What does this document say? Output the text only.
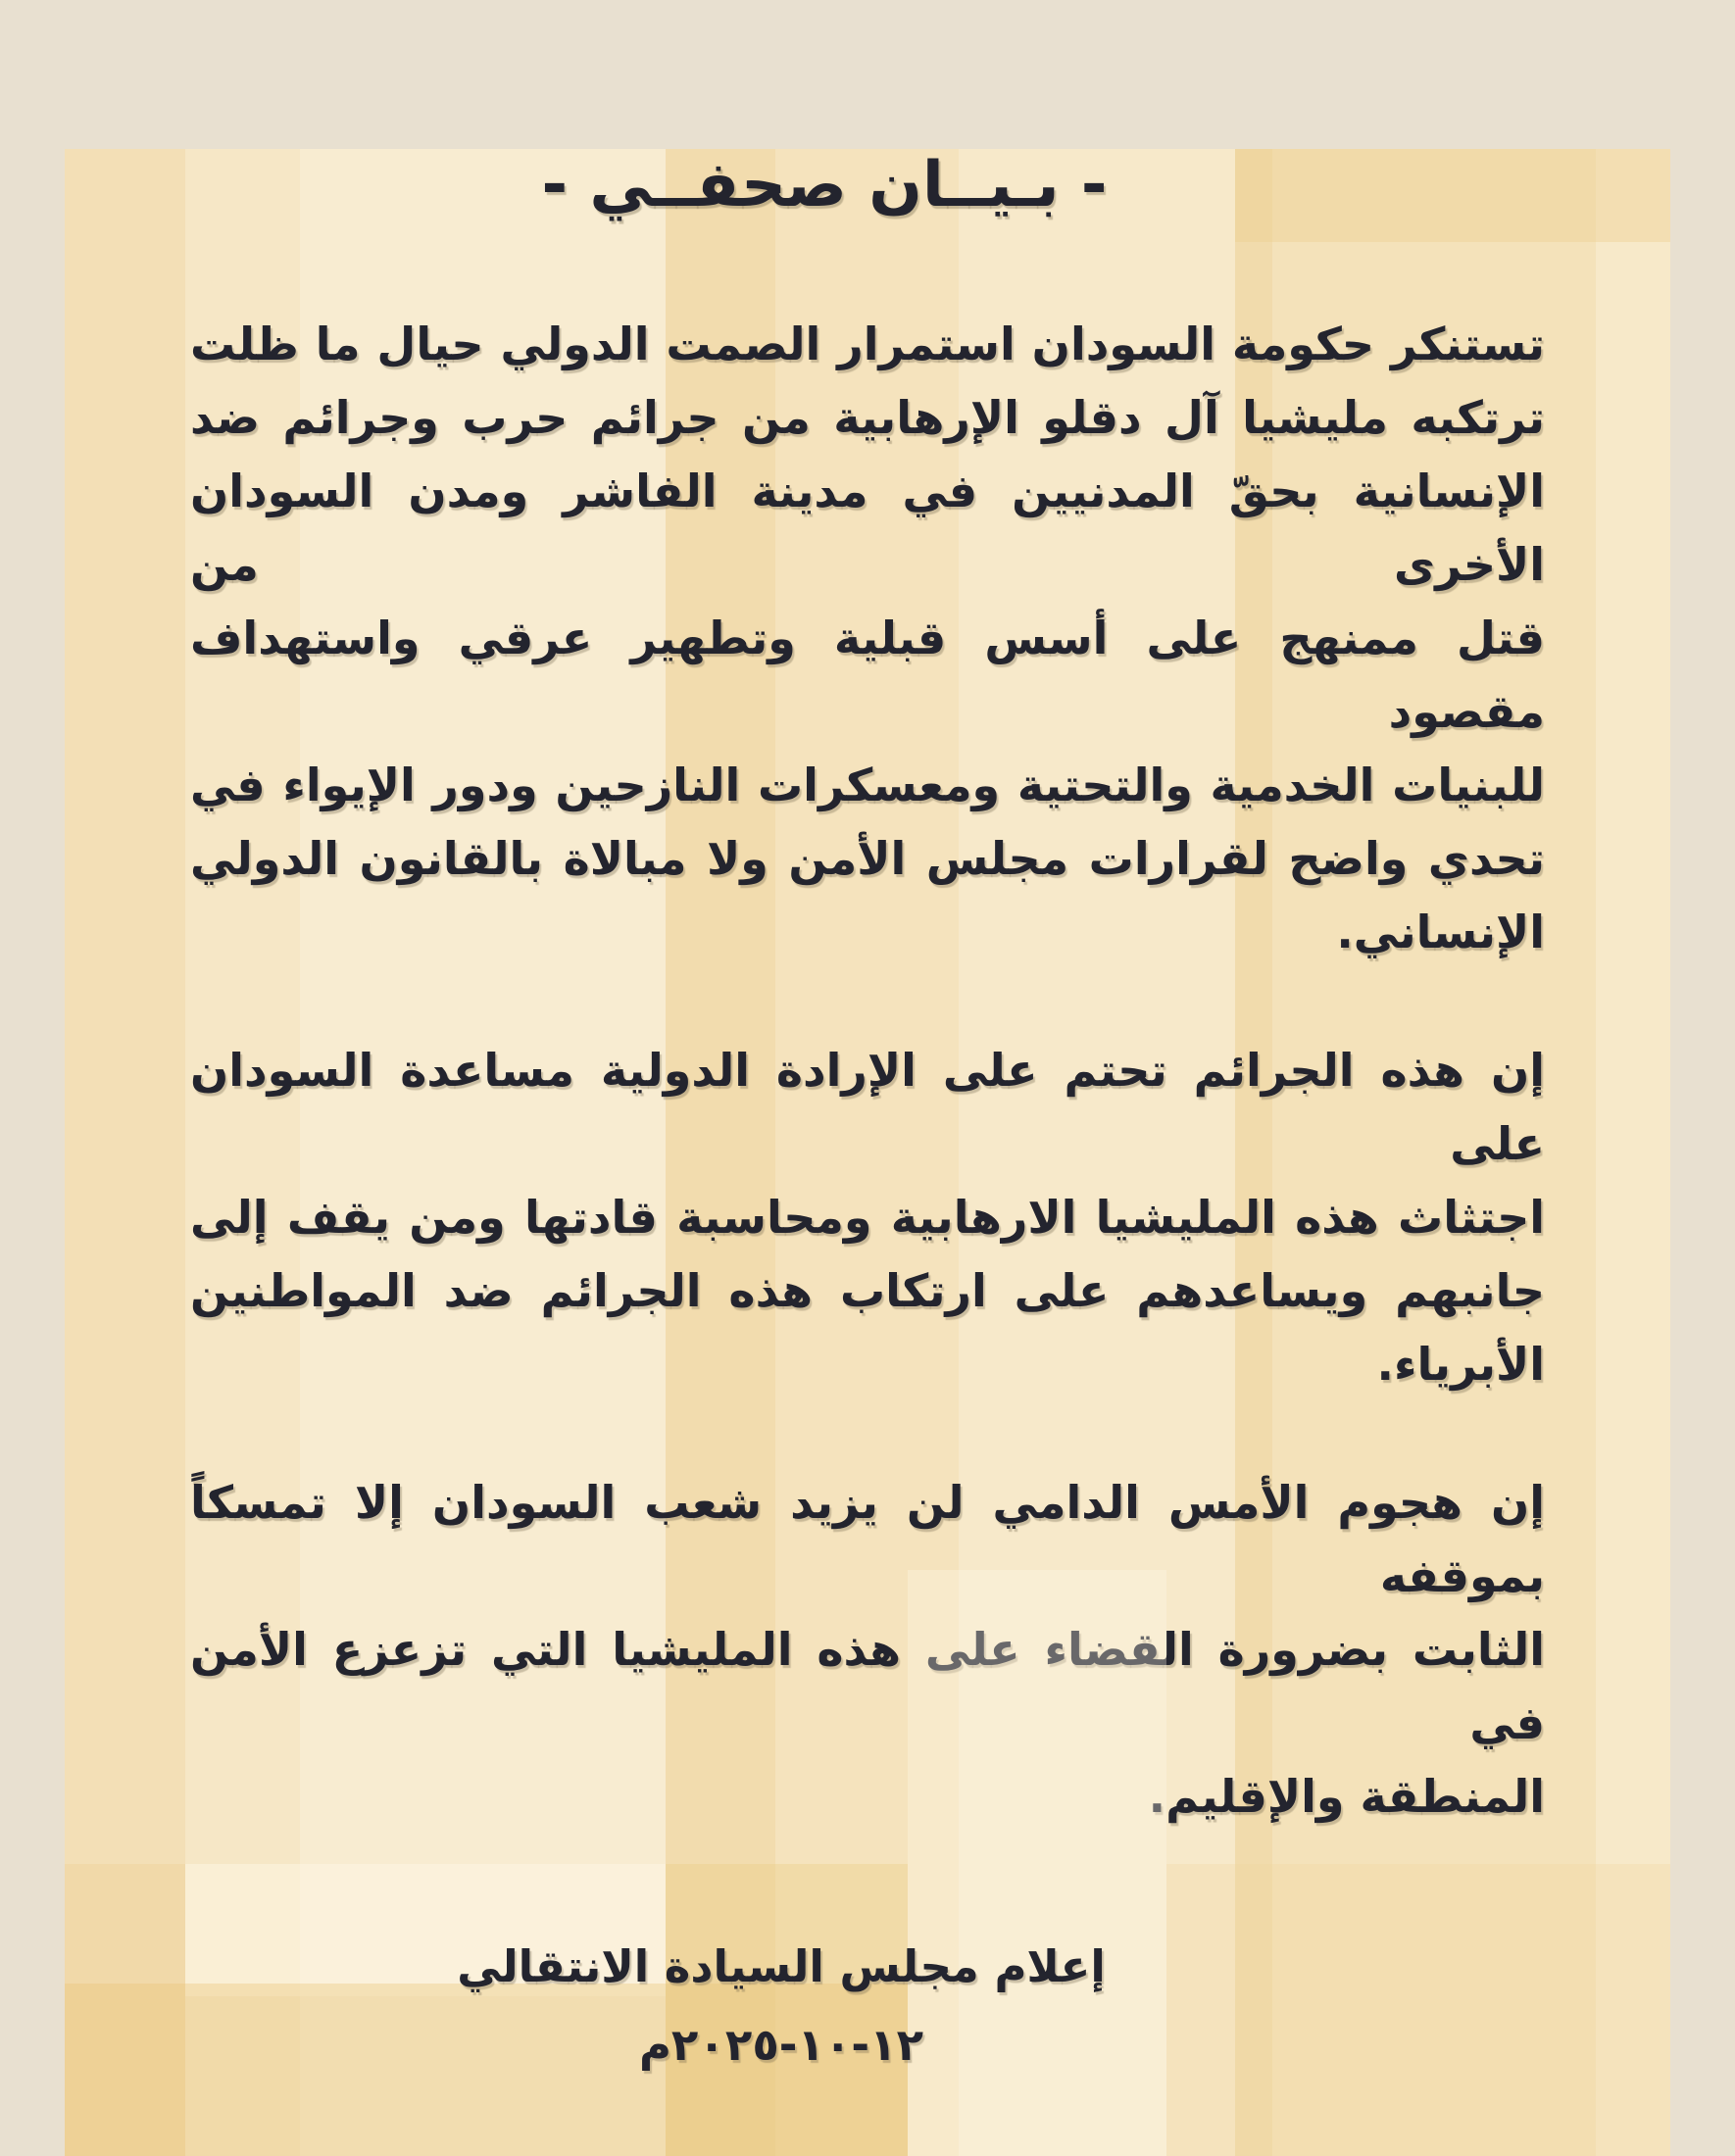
- بـيــان صحفــي -
تستنكر حكومة السودان استمرار الصمت الدولي حيال ما ظلت
ترتكبه مليشيا آل دقلو الإرهابية من جرائم حرب وجرائم ضد
الإنسانية بحقّ المدنيين في مدينة الفاشر ومدن السودان الأخرى من
قتل ممنهج على أسس قبلية وتطهير عرقي واستهداف مقصود
للبنيات الخدمية والتحتية ومعسكرات النازحين ودور الإيواء في
تحدي واضح لقرارات مجلس الأمن ولا مبالاة بالقانون الدولي
الإنساني.
إن هذه الجرائم تحتم على الإرادة الدولية مساعدة السودان على
اجتثاث هذه المليشيا الارهابية ومحاسبة قادتها ومن يقف إلى
جانبهم ويساعدهم على ارتكاب هذه الجرائم ضد المواطنين
الأبرياء.
إن هجوم الأمس الدامي لن يزيد شعب السودان إلا تمسكاً بموقفه
الثابت بضرورة القضاء على هذه المليشيا التي تزعزع الأمن في
المنطقة والإقليم.
إعلام مجلس السيادة الانتقالي
١٢-١٠-٢٠٢٥م
